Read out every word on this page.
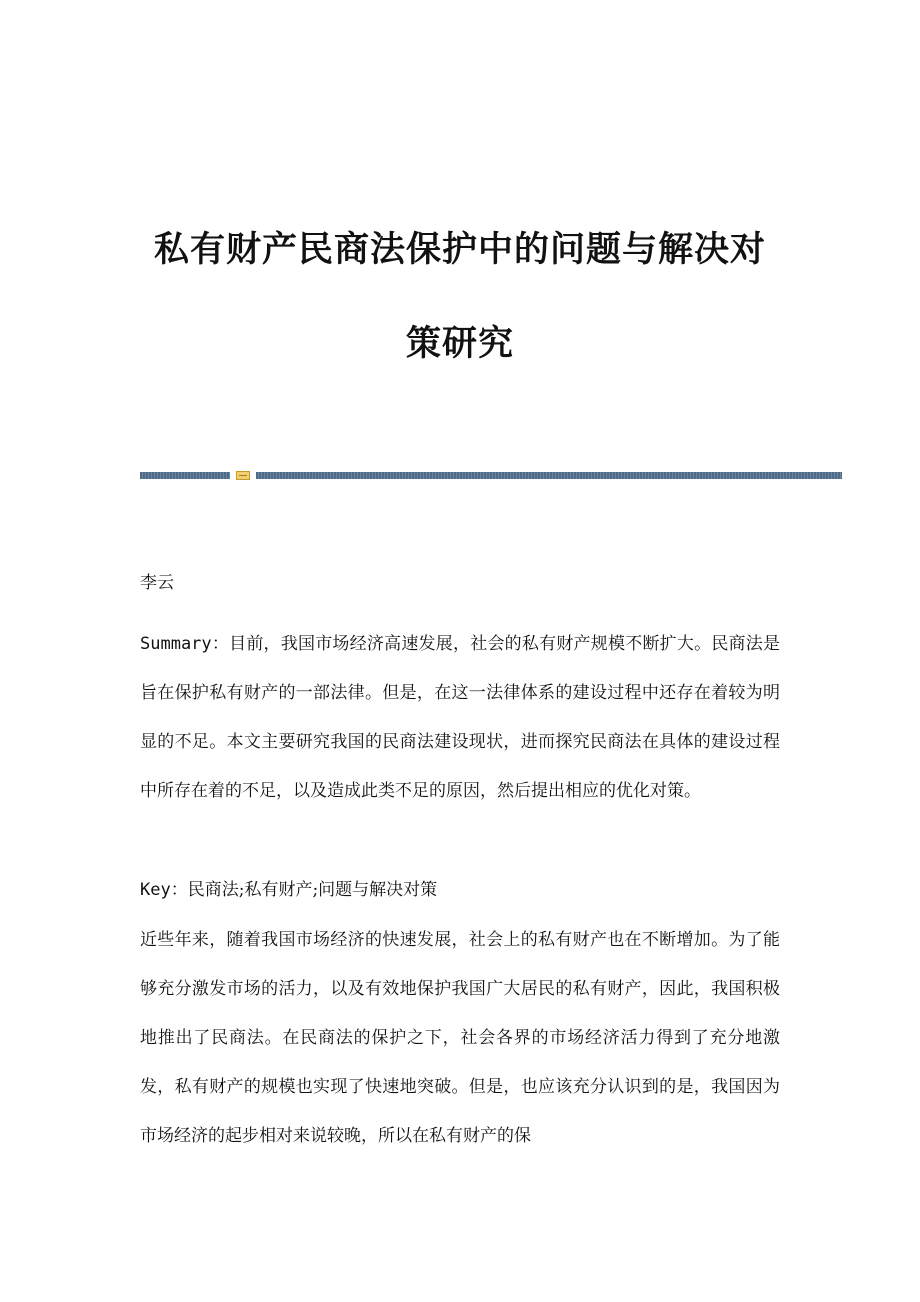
私有财产民商法保护中的问题与解决对
策研究

李云

Summary：目前，我国市场经济高速发展，社会的私有财产规模不断扩大。民商法是旨在保护私有财产的一部法律。但是，在这一法律体系的建设过程中还存在着较为明显的不足。本文主要研究我国的民商法建设现状，进而探究民商法在具体的建设过程中所存在着的不足，以及造成此类不足的原因，然后提出相应的优化对策。

Key：民商法;私有财产;问题与解决对策

近些年来，随着我国市场经济的快速发展，社会上的私有财产也在不断增加。为了能够充分激发市场的活力，以及有效地保护我国广大居民的私有财产，因此，我国积极地推出了民商法。在民商法的保护之下，社会各界的市场经济活力得到了充分地激发，私有财产的规模也实现了快速地突破。但是，也应该充分认识到的是，我国因为市场经济的起步相对来说较晚，所以在私有财产的保
